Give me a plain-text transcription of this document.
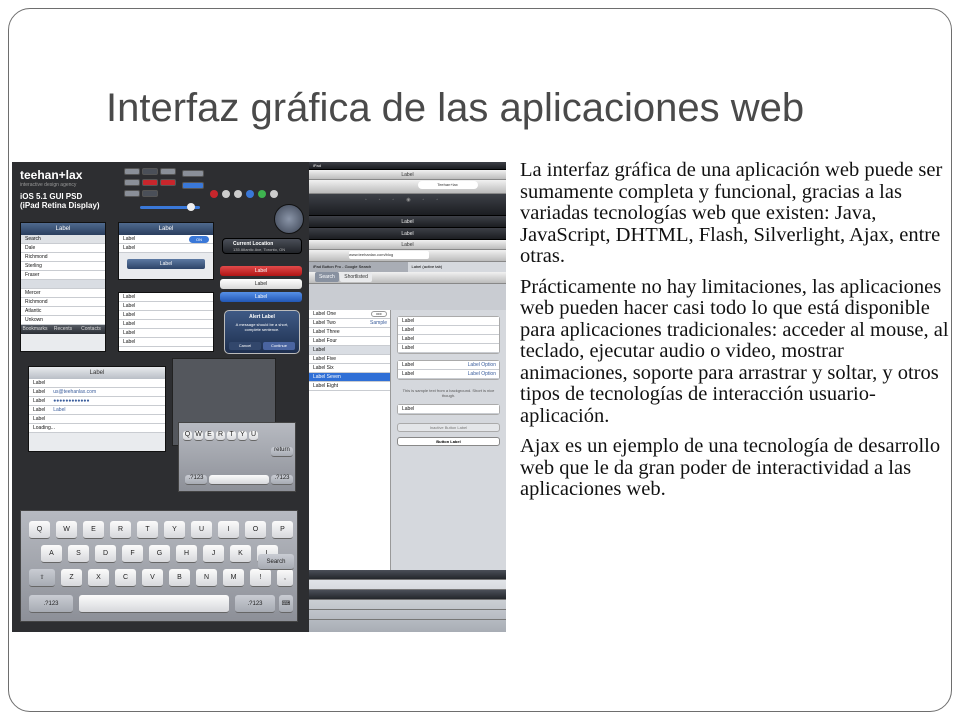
Interfaz gráfica de las aplicaciones web

La interfaz gráfica de una aplicación web puede ser sumamente completa y funcional, gracias a las variadas tecnologías web que existen: Java, JavaScript, DHTML, Flash, Silverlight, Ajax, entre otras.

Prácticamente no hay limitaciones, las aplicaciones web pueden hacer casi todo lo que está disponible para aplicaciones tradicionales: acceder al mouse, al teclado, ejecutar audio o video, mostrar animaciones, soporte para arrastrar y soltar, y otros tipos de tecnologías de interacción usuario-aplicación.

Ajax es un ejemplo de una tecnología de desarrollo web que le da gran poder de interactividad a las aplicaciones web.

teehan+lax
interactive design agency
iOS 5.1 GUI PSD
(iPad Retina Display)
Label
Search
Dale
Richmond
Sterling
Fraser
Mercer
Richmond
Atlantic
Unkown
Bookmarks	Recents	Contacts
Label
Label	ON
Label
Label
Label
Label
Label
Label
Label
Label
Current Location
135 Atlantic Ave, Toronto, ON
Label
Label
Label
Alert Label
A message should be a short, complete sentence.
Cancel	Continue
Label
Label
Label us@teehanlax.com
Label ●●●●●●●●●●●●
Label Label
Label
Loading...
Q W E R T Y U
return
.?123	.?123
Q	W	E	R	T	Y	U	I	O	P
A	S	D	F	G	H	J	K
⇧	Z	X	C	V	B	N	M	!	,
.?123	.?123	⌨
Search
iPad
Label
Teehan+lax
◦◦◦◉◦◦
Label
Label
Label
www.teehanlax.com/blog
iPad Button Pro - Google Search	Label (active tab)
Search Shortlisted
Label One	OFF
Label Two	Sample
Label Three
Label Four
Label
Label Five
Label Six
Label Seven
Label Eight
Label
Label
Label
Label
Label	Label Option
Label	Label Option
This is sample text from a background. Short is nice though.
Label
Inactive Button Label
Button Label
